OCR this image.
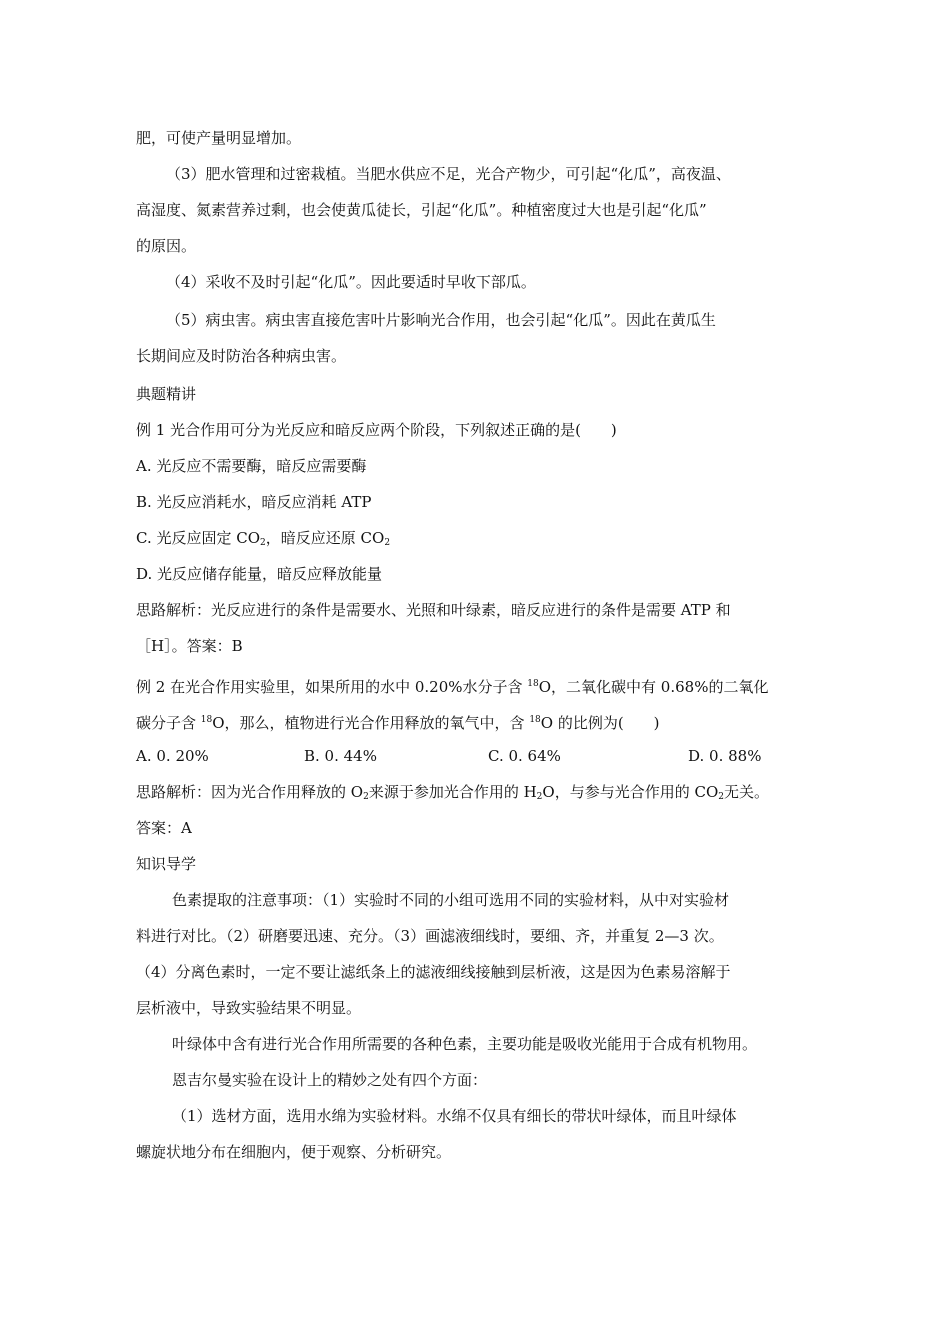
肥，可使产量明显增加。
（3）肥水管理和过密栽植。当肥水供应不足，光合产物少，可引起“化瓜”，高夜温、
高湿度、氮素营养过剩，也会使黄瓜徒长，引起“化瓜”。种植密度过大也是引起“化瓜”
的原因。
（4）采收不及时引起“化瓜”。因此要适时早收下部瓜。
（5）病虫害。病虫害直接危害叶片影响光合作用，也会引起“化瓜”。因此在黄瓜生
长期间应及时防治各种病虫害。
典题精讲
例 1 光合作用可分为光反应和暗反应两个阶段，下列叙述正确的是(　　)
A. 光反应不需要酶，暗反应需要酶
B. 光反应消耗水，暗反应消耗 ATP
C. 光反应固定 $CO_2$，暗反应还原 $CO_2$
D. 光反应储存能量，暗反应释放能量
思路解析：光反应进行的条件是需要水、光照和叶绿素，暗反应进行的条件是需要 ATP 和
［H］。答案：B
例 2 在光合作用实验里，如果所用的水中 0.20%水分子含 $^{18}$O，二氧化碳中有 0.68%的二氧化
碳分子含 $^{18}$O，那么，植物进行光合作用释放的氧气中，含 $^{18}$O 的比例为(　　)
A. 0. 20%	B. 0. 44%	C. 0. 64%	D. 0. 88%
思路解析：因为光合作用释放的 $O_2$来源于参加光合作用的 $H_2O$，与参与光合作用的 $CO_2$无关。
答案：A
知识导学
色素提取的注意事项：（1）实验时不同的小组可选用不同的实验材料，从中对实验材
料进行对比。（2）研磨要迅速、充分。（3）画滤液细线时，要细、齐，并重复 2—3 次。
（4）分离色素时，一定不要让滤纸条上的滤液细线接触到层析液，这是因为色素易溶解于
层析液中，导致实验结果不明显。
叶绿体中含有进行光合作用所需要的各种色素，主要功能是吸收光能用于合成有机物用。
恩吉尔曼实验在设计上的精妙之处有四个方面：
（1）选材方面，选用水绵为实验材料。水绵不仅具有细长的带状叶绿体，而且叶绿体
螺旋状地分布在细胞内，便于观察、分析研究。
